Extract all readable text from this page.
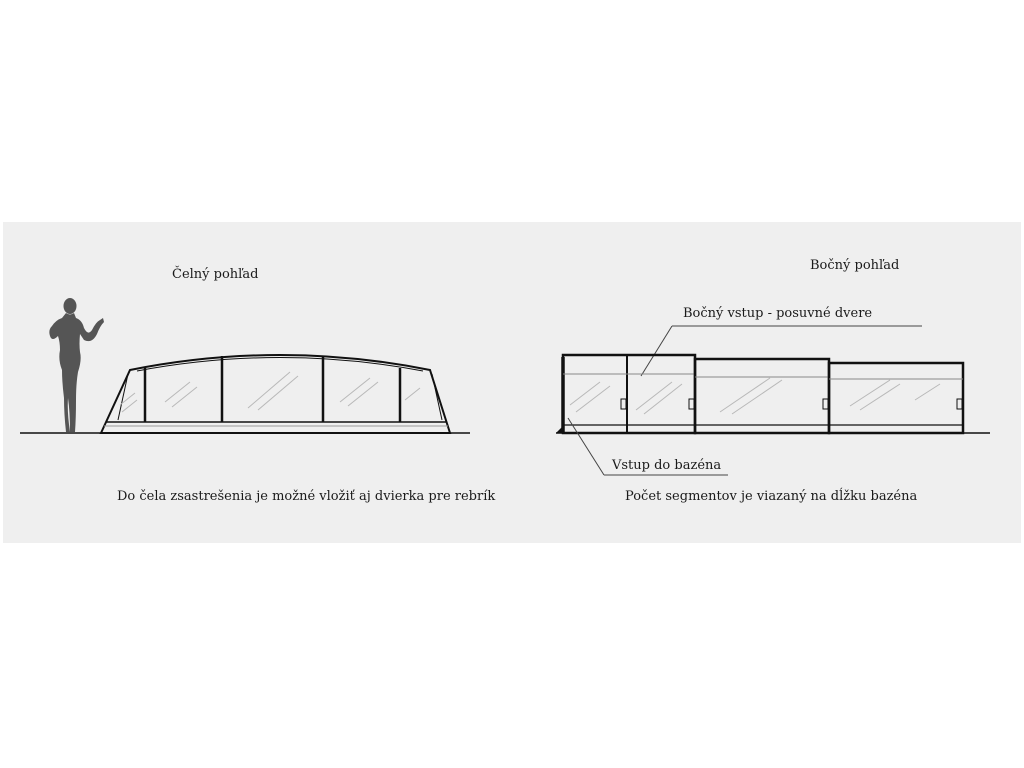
Čelný pohľad
Do čela zsastrešenia je možné vložiť aj dvierka pre rebrík
Bočný pohľad
Bočný vstup - posuvné dvere
Vstup do bazéna
Počet segmentov je viazaný na dĺžku bazéna
